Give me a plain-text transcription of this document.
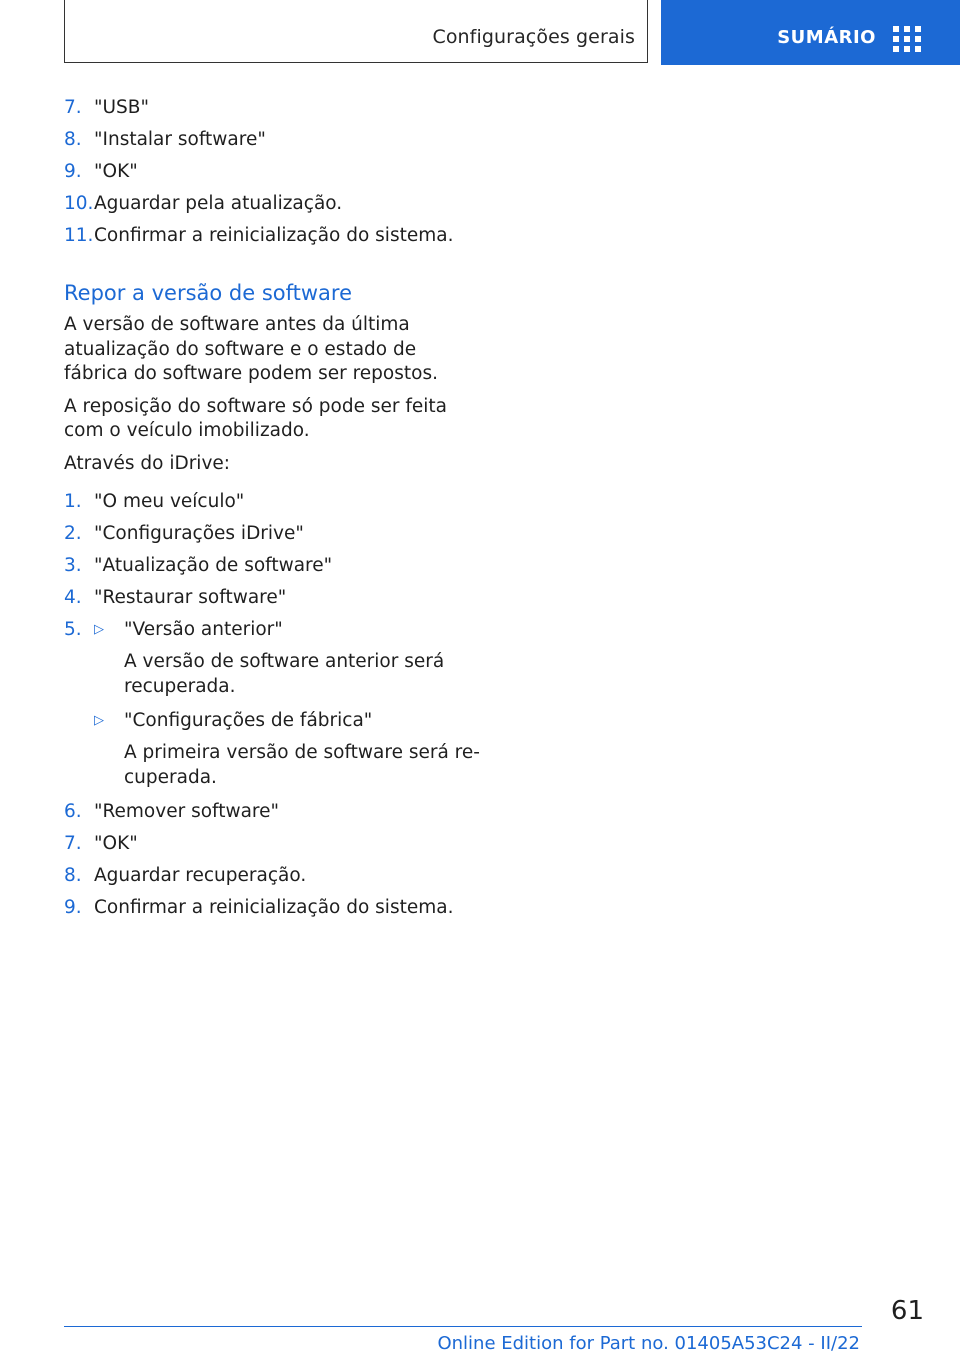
Configurações gerais	SUMÁRIO
7. "USB"
8. "Instalar software"
9. "OK"
10. Aguardar pela atualização.
11. Confirmar a reinicialização do sistema.
Repor a versão de software

A versão de software antes da última atualização do software e o estado de fábrica do software podem ser repostos.

A reposição do software só pode ser feita com o veículo imobilizado.

Através do iDrive:

1. "O meu veículo"
2. "Configurações iDrive"
3. "Atualização de software"
4. "Restaurar software"
5. ▷ "Versão anterior"

A versão de software anterior será recuperada.

▷ "Configurações de fábrica"

A primeira versão de software será recuperada.

6. "Remover software"
7. "OK"
8. Aguardar recuperação.
9. Confirmar a reinicialização do sistema.
61
Online Edition for Part no. 01405A53C24 - II/22
